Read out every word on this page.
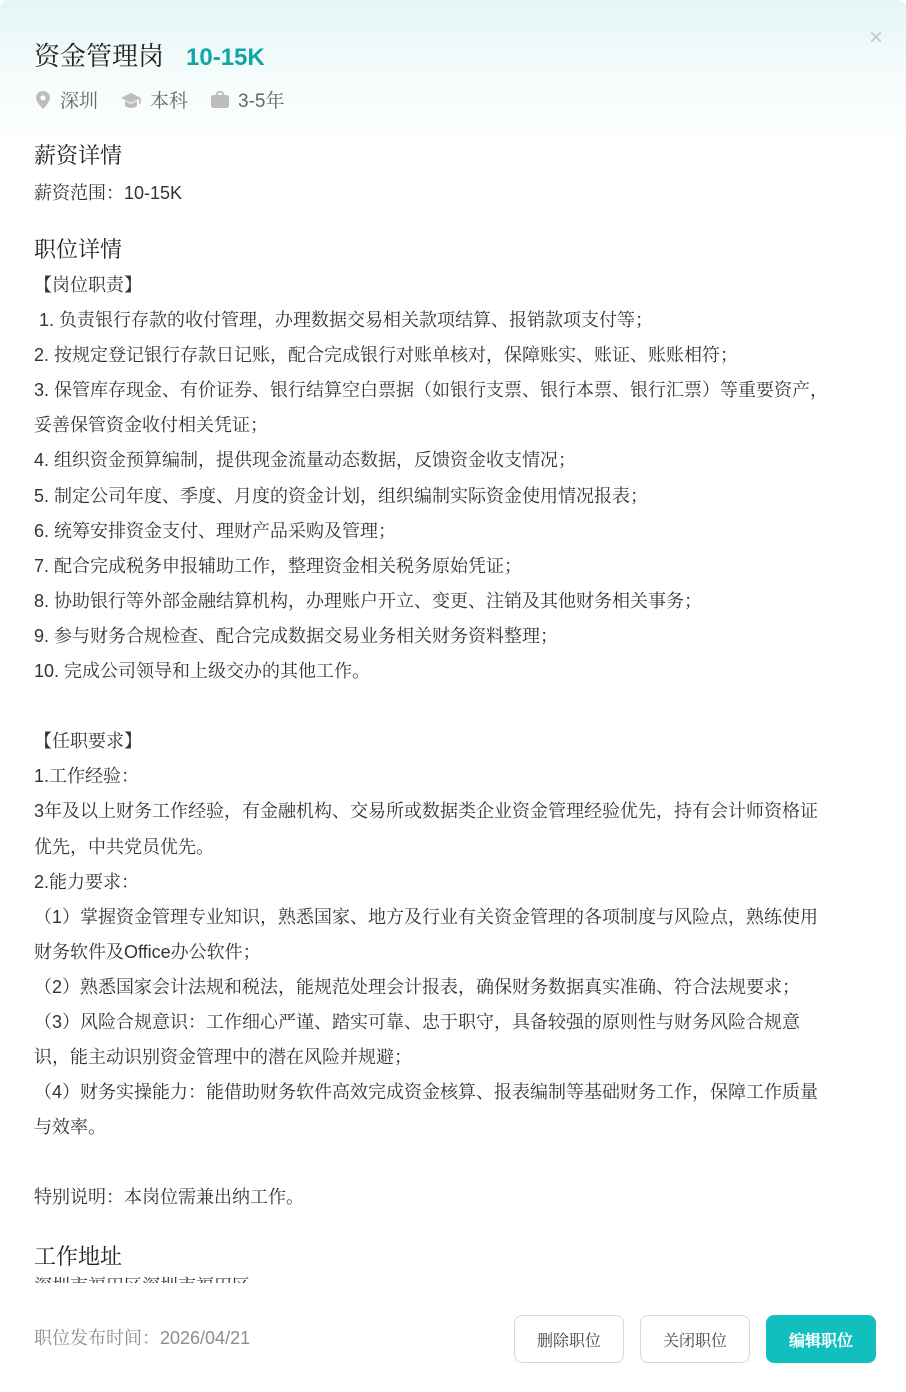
×
资金管理岗 10-15K
深圳	本科	3-5年
薪资详情
薪资范围：10-15K
职位详情

【岗位职责】

1. 负责银行存款的收付管理，办理数据交易相关款项结算、报销款项支付等；

2. 按规定登记银行存款日记账，配合完成银行对账单核对，保障账实、账证、账账相符；

3. 保管库存现金、有价证券、银行结算空白票据（如银行支票、银行本票、银行汇票）等重要资产，

妥善保管资金收付相关凭证；

4. 组织资金预算编制，提供现金流量动态数据，反馈资金收支情况；

5. 制定公司年度、季度、月度的资金计划，组织编制实际资金使用情况报表；

6. 统筹安排资金支付、理财产品采购及管理；

7. 配合完成税务申报辅助工作，整理资金相关税务原始凭证；

8. 协助银行等外部金融结算机构，办理账户开立、变更、注销及其他财务相关事务；

9. 参与财务合规检查、配合完成数据交易业务相关财务资料整理；

10. 完成公司领导和上级交办的其他工作。

【任职要求】

1.工作经验：

3年及以上财务工作经验，有金融机构、交易所或数据类企业资金管理经验优先，持有会计师资格证

优先，中共党员优先。

2.能力要求：

（1）掌握资金管理专业知识，熟悉国家、地方及行业有关资金管理的各项制度与风险点，熟练使用

财务软件及Office办公软件；

（2）熟悉国家会计法规和税法，能规范处理会计报表，确保财务数据真实准确、符合法规要求；

（3）风险合规意识：工作细心严谨、踏实可靠、忠于职守，具备较强的原则性与财务风险合规意

识，能主动识别资金管理中的潜在风险并规避；

（4）财务实操能力：能借助财务软件高效完成资金核算、报表编制等基础财务工作，保障工作质量

与效率。

特别说明：本岗位需兼出纳工作。

工作地址
职位发布时间：2026/04/21	删除职位	关闭职位	编辑职位
